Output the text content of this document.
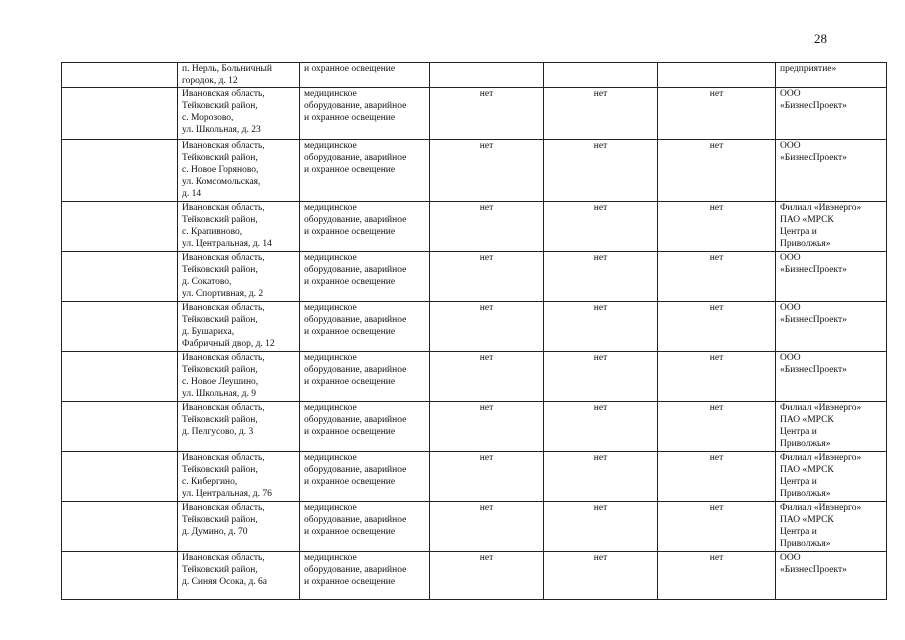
28

	п. Нерль, Больничный
городок, д. 12	и охранное освещение				предприятие»

	Ивановская область,
Тейковский район,
с. Морозово,
ул. Школьная, д. 23	медицинское
оборудование, аварийное
и охранное освещение	нет	нет	нет	ООО
«БизнесПроект»

	Ивановская область,
Тейковский район,
с. Новое Горяново,
ул. Комсомольская,
д. 14	медицинское
оборудование, аварийное
и охранное освещение	нет	нет	нет	ООО
«БизнесПроект»

	Ивановская область,
Тейковский район,
с. Крапивново,
ул. Центральная, д. 14	медицинское
оборудование, аварийное
и охранное освещение	нет	нет	нет	Филиал «Ивэнерго»
ПАО «МРСК
Центра и
Приволжья»

	Ивановская область,
Тейковский район,
д. Сокатово,
ул. Спортивная, д. 2	медицинское
оборудование, аварийное
и охранное освещение	нет	нет	нет	ООО
«БизнесПроект»

	Ивановская область,
Тейковский район,
д. Бушариха,
Фабричный двор, д. 12	медицинское
оборудование, аварийное
и охранное освещение	нет	нет	нет	ООО
«БизнесПроект»

	Ивановская область,
Тейковский район,
с. Новое Леушино,
ул. Школьная, д. 9	медицинское
оборудование, аварийное
и охранное освещение	нет	нет	нет	ООО
«БизнесПроект»

	Ивановская область,
Тейковский район,
д. Пелгусово, д. 3	медицинское
оборудование, аварийное
и охранное освещение	нет	нет	нет	Филиал «Ивэнерго»
ПАО «МРСК
Центра и
Приволжья»

	Ивановская область,
Тейковский район,
с. Кибергино,
ул. Центральная, д. 76	медицинское
оборудование, аварийное
и охранное освещение	нет	нет	нет	Филиал «Ивэнерго»
ПАО «МРСК
Центра и
Приволжья»

	Ивановская область,
Тейковский район,
д. Думино, д. 70	медицинское
оборудование, аварийное
и охранное освещение	нет	нет	нет	Филиал «Ивэнерго»
ПАО «МРСК
Центра и
Приволжья»

	Ивановская область,
Тейковский район,
д. Синяя Осока, д. 6а	медицинское
оборудование, аварийное
и охранное освещение	нет	нет	нет	ООО
«БизнесПроект»
